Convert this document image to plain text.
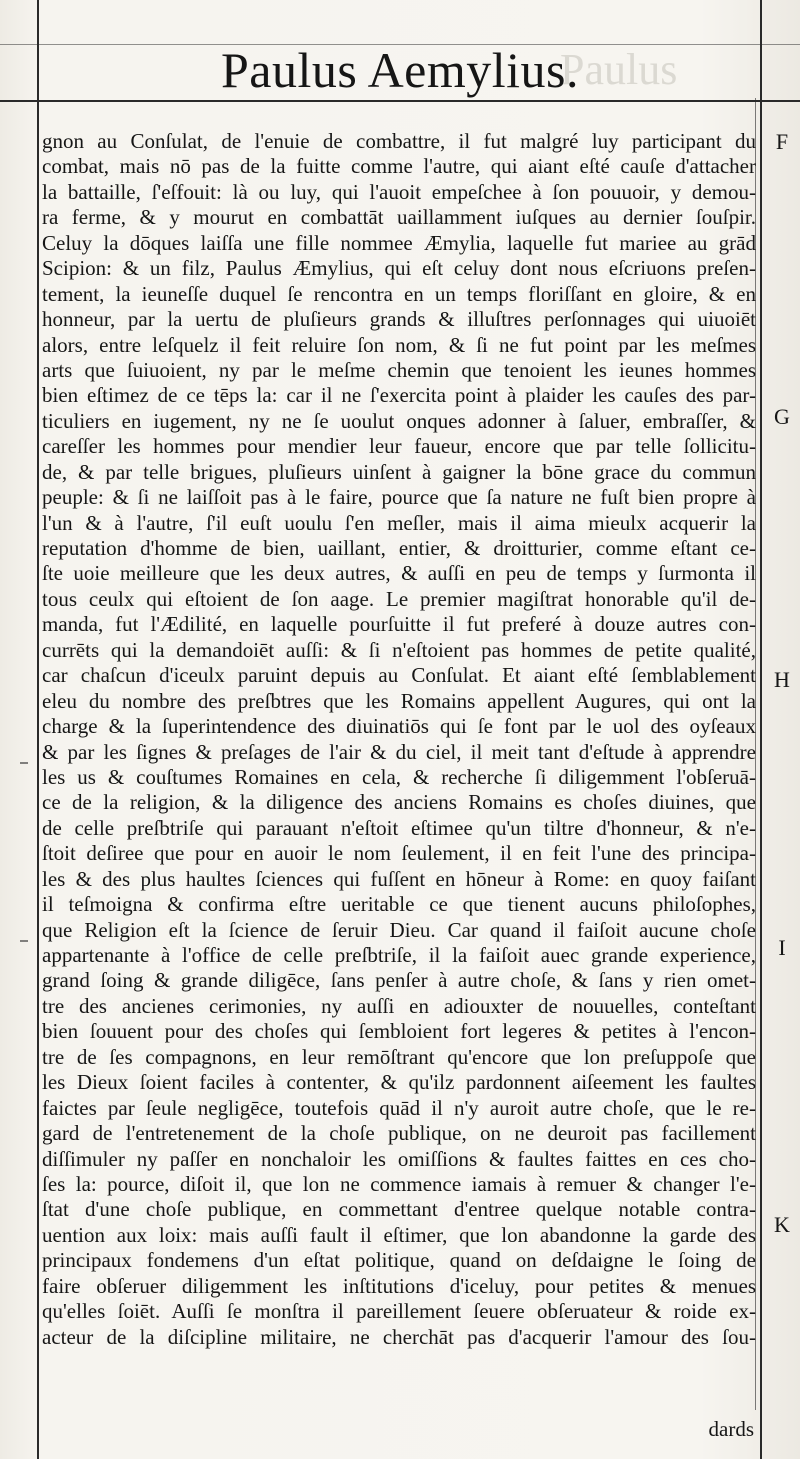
Paulus
Paulus Aemylius.
gnon au Conſulat, de l'enuie de combattre, il fut malgré luy participant du
combat, mais nō pas de la fuitte comme l'autre, qui aiant eſté cauſe d'attacher
la battaille, ſ'eſfouit: là ou luy, qui l'auoit empeſchee à ſon pouuoir, y demou-
ra ferme, & y mourut en combattāt uaillamment iuſques au dernier ſouſpir.
Celuy la dōques laiſſa une fille nommee Æmylia, laquelle fut mariee au grād
Scipion: & un filz, Paulus Æmylius, qui eſt celuy dont nous eſcriuons preſen-
tement, la ieuneſſe duquel ſe rencontra en un temps floriſſant en gloire, & en
honneur, par la uertu de pluſieurs grands & illuſtres perſonnages qui uiuoiēt
alors, entre leſquelz il feit reluire ſon nom, & ſi ne fut point par les meſmes
arts que ſuiuoient, ny par le meſme chemin que tenoient les ieunes hommes
bien eſtimez de ce tēps la: car il ne ſ'exercita point à plaider les cauſes des par-
ticuliers en iugement, ny ne ſe uoulut onques adonner à ſaluer, embraſſer, &
careſſer les hommes pour mendier leur faueur, encore que par telle ſollicitu-
de, & par telle brigues, pluſieurs uinſent à gaigner la bōne grace du commun
peuple: & ſi ne laiſſoit pas à le faire, pource que ſa nature ne fuſt bien propre à
l'un & à l'autre, ſ'il euſt uoulu ſ'en meſler, mais il aima mieulx acquerir la
reputation d'homme de bien, uaillant, entier, & droitturier, comme eſtant ce-
ſte uoie meilleure que les deux autres, & auſſi en peu de temps y ſurmonta il
tous ceulx qui eſtoient de ſon aage. Le premier magiſtrat honorable qu'il de-
manda, fut l'Ædilité, en laquelle pourſuitte il fut preferé à douze autres con-
currēts qui la demandoiēt auſſi: & ſi n'eſtoient pas hommes de petite qualité,
car chaſcun d'iceulx paruint depuis au Conſulat. Et aiant eſté ſemblablement
eleu du nombre des preſbtres que les Romains appellent Augures, qui ont la
charge & la ſuperintendence des diuinatiōs qui ſe font par le uol des oyſeaux
& par les ſignes & preſages de l'air & du ciel, il meit tant d'eſtude à apprendre
les us & couſtumes Romaines en cela, & recherche ſi diligemment l'obſeruā-
ce de la religion, & la diligence des anciens Romains es choſes diuines, que
de celle preſbtriſe qui parauant n'eſtoit eſtimee qu'un tiltre d'honneur, & n'e-
ſtoit deſiree que pour en auoir le nom ſeulement, il en feit l'une des principa-
les & des plus haultes ſciences qui fuſſent en hōneur à Rome: en quoy faiſant
il teſmoigna & confirma eſtre ueritable ce que tienent aucuns philoſophes,
que Religion eſt la ſcience de ſeruir Dieu. Car quand il faiſoit aucune choſe
appartenante à l'office de celle preſbtriſe, il la faiſoit auec grande experience,
grand ſoing & grande diligēce, ſans penſer à autre choſe, & ſans y rien omet-
tre des ancienes cerimonies, ny auſſi en adiouxter de nouuelles, conteſtant
bien ſouuent pour des choſes qui ſembloient fort legeres & petites à l'encon-
tre de ſes compagnons, en leur remōſtrant qu'encore que lon preſuppoſe que
les Dieux ſoient faciles à contenter, & qu'ilz pardonnent aiſeement les faultes
faictes par ſeule negligēce, toutefois quād il n'y auroit autre choſe, que le re-
gard de l'entretenement de la choſe publique, on ne deuroit pas facillement
diſſimuler ny paſſer en nonchaloir les omiſſions & faultes faittes en ces cho-
ſes la: pource, diſoit il, que lon ne commence iamais à remuer & changer l'e-
ſtat d'une choſe publique, en commettant d'entree quelque notable contra-
uention aux loix: mais auſſi fault il eſtimer, que lon abandonne la garde des
principaux fondemens d'un eſtat politique, quand on deſdaigne le ſoing de
faire obſeruer diligemment les inſtitutions d'iceluy, pour petites & menues
qu'elles ſoiēt. Auſſi ſe monſtra il pareillement ſeuere obſeruateur & roide ex-
acteur de la diſcipline militaire, ne cherchāt pas d'acquerir l'amour des ſou-
F
G
H
I
K
dards
